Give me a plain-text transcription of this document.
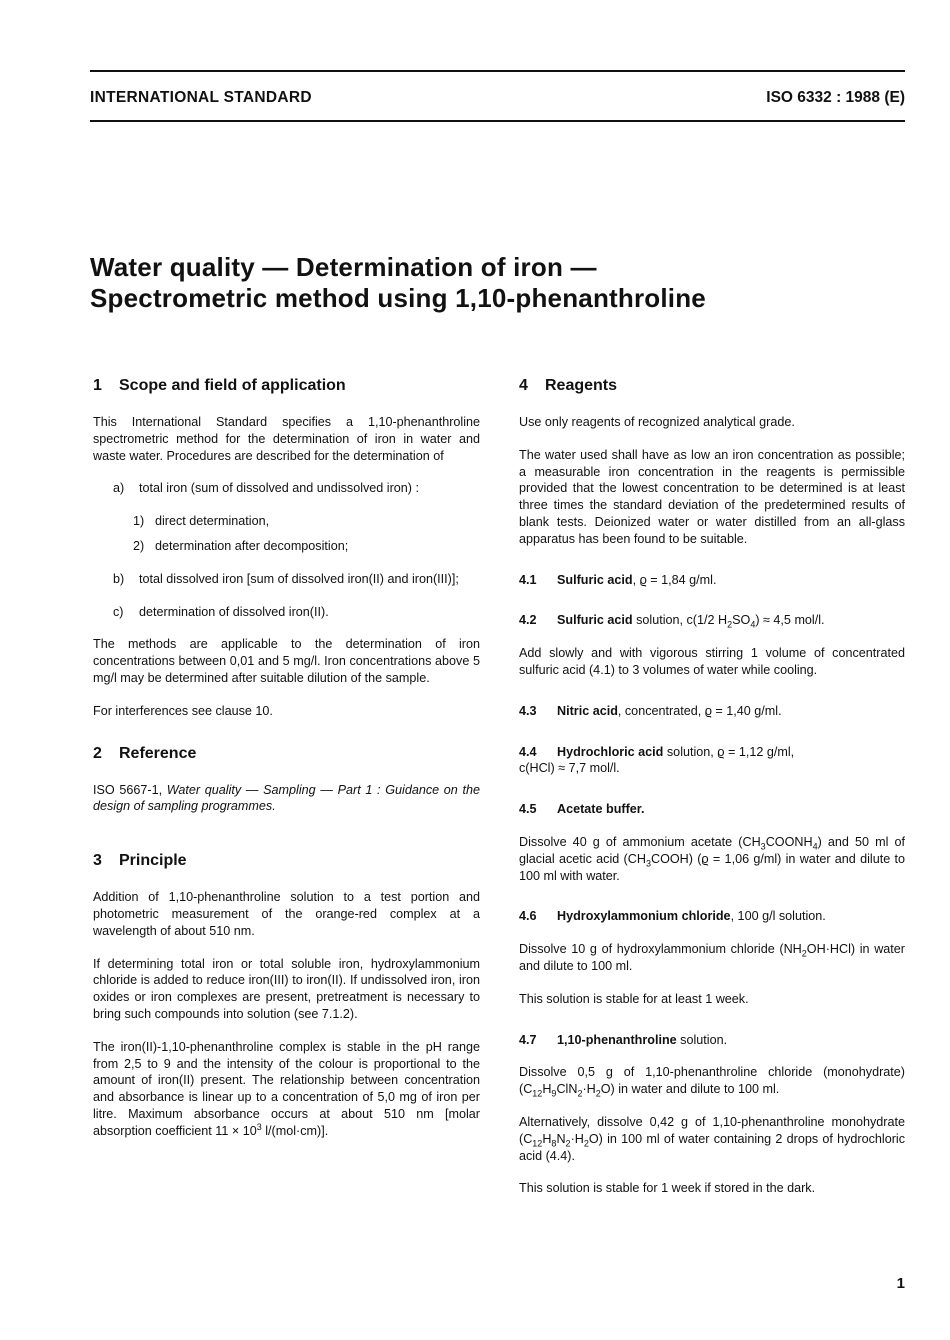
INTERNATIONAL STANDARD	ISO 6332 : 1988 (E)
Water quality — Determination of iron —
Spectrometric method using 1,10-phenanthroline
1 Scope and field of application

This International Standard specifies a 1,10-phenanthroline spectrometric method for the determination of iron in water and waste water. Procedures are described for the determination of

a)	total iron (sum of dissolved and undissolved iron) :
1) direct determination,
2) determination after decomposition;
b)	total dissolved iron [sum of dissolved iron(II) and iron(III)];
c)	determination of dissolved iron(II).

The methods are applicable to the determination of iron concentrations between 0,01 and 5 mg/l. Iron concentrations above 5 mg/l may be determined after suitable dilution of the sample.

For interferences see clause 10.

2 Reference

ISO 5667-1, Water quality — Sampling — Part 1 : Guidance on the design of sampling programmes.

3 Principle

Addition of 1,10-phenanthroline solution to a test portion and photometric measurement of the orange-red complex at a wavelength of about 510 nm.

If determining total iron or total soluble iron, hydroxylammonium chloride is added to reduce iron(III) to iron(II). If undissolved iron, iron oxides or iron complexes are present, pretreatment is necessary to bring such compounds into solution (see 7.1.2).

The iron(II)-1,10-phenanthroline complex is stable in the pH range from 2,5 to 9 and the intensity of the colour is proportional to the amount of iron(II) present. The relationship between concentration and absorbance is linear up to a concentration of 5,0 mg of iron per litre. Maximum absorbance occurs at about 510 nm [molar absorption coefficient $11 \times 10^3$ l/(mol·cm)].

4 Reagents

Use only reagents of recognized analytical grade.

The water used shall have as low an iron concentration as possible; a measurable iron concentration in the reagents is permissible provided that the lowest concentration to be determined is at least three times the standard deviation of the predetermined results of blank tests. Deionized water or water distilled from an all-glass apparatus has been found to be suitable.

4.1 Sulfuric acid, ϱ = 1,84 g/ml.
4.2 Sulfuric acid solution, c(1/2 $H_2SO_4) \approx 4,5$ mol/l.

Add slowly and with vigorous stirring 1 volume of concentrated sulfuric acid (4.1) to 3 volumes of water while cooling.

4.3 Nitric acid, concentrated, ϱ = 1,40 g/ml.
4.4 Hydrochloric acid solution, ϱ = 1,12 g/ml,
c(HCl) ≈ 7,7 mol/l.
4.5 Acetate buffer.

Dissolve 40 g of ammonium acetate $(CH_3COONH_4)$ and 50 ml of glacial acetic acid $(CH_3COOH) (ϱ = 1,06$ g/ml) in water and dilute to 100 ml with water.

4.6 Hydroxylammonium chloride, 100 g/l solution.

Dissolve 10 g of hydroxylammonium chloride $(NH_2OH\cdot HCl)$ in water and dilute to 100 ml.

This solution is stable for at least 1 week.

4.7 1,10-phenanthroline solution.

Dissolve 0,5 g of 1,10-phenanthroline chloride (monohydrate) $(C_{12}H_9ClN_2\cdot H_2O)$ in water and dilute to 100 ml.

Alternatively, dissolve 0,42 g of 1,10-phenanthroline monohydrate $(C_{12}H_8N_2\cdot H_2O)$ in 100 ml of water containing 2 drops of hydrochloric acid (4.4).

This solution is stable for 1 week if stored in the dark.

1
